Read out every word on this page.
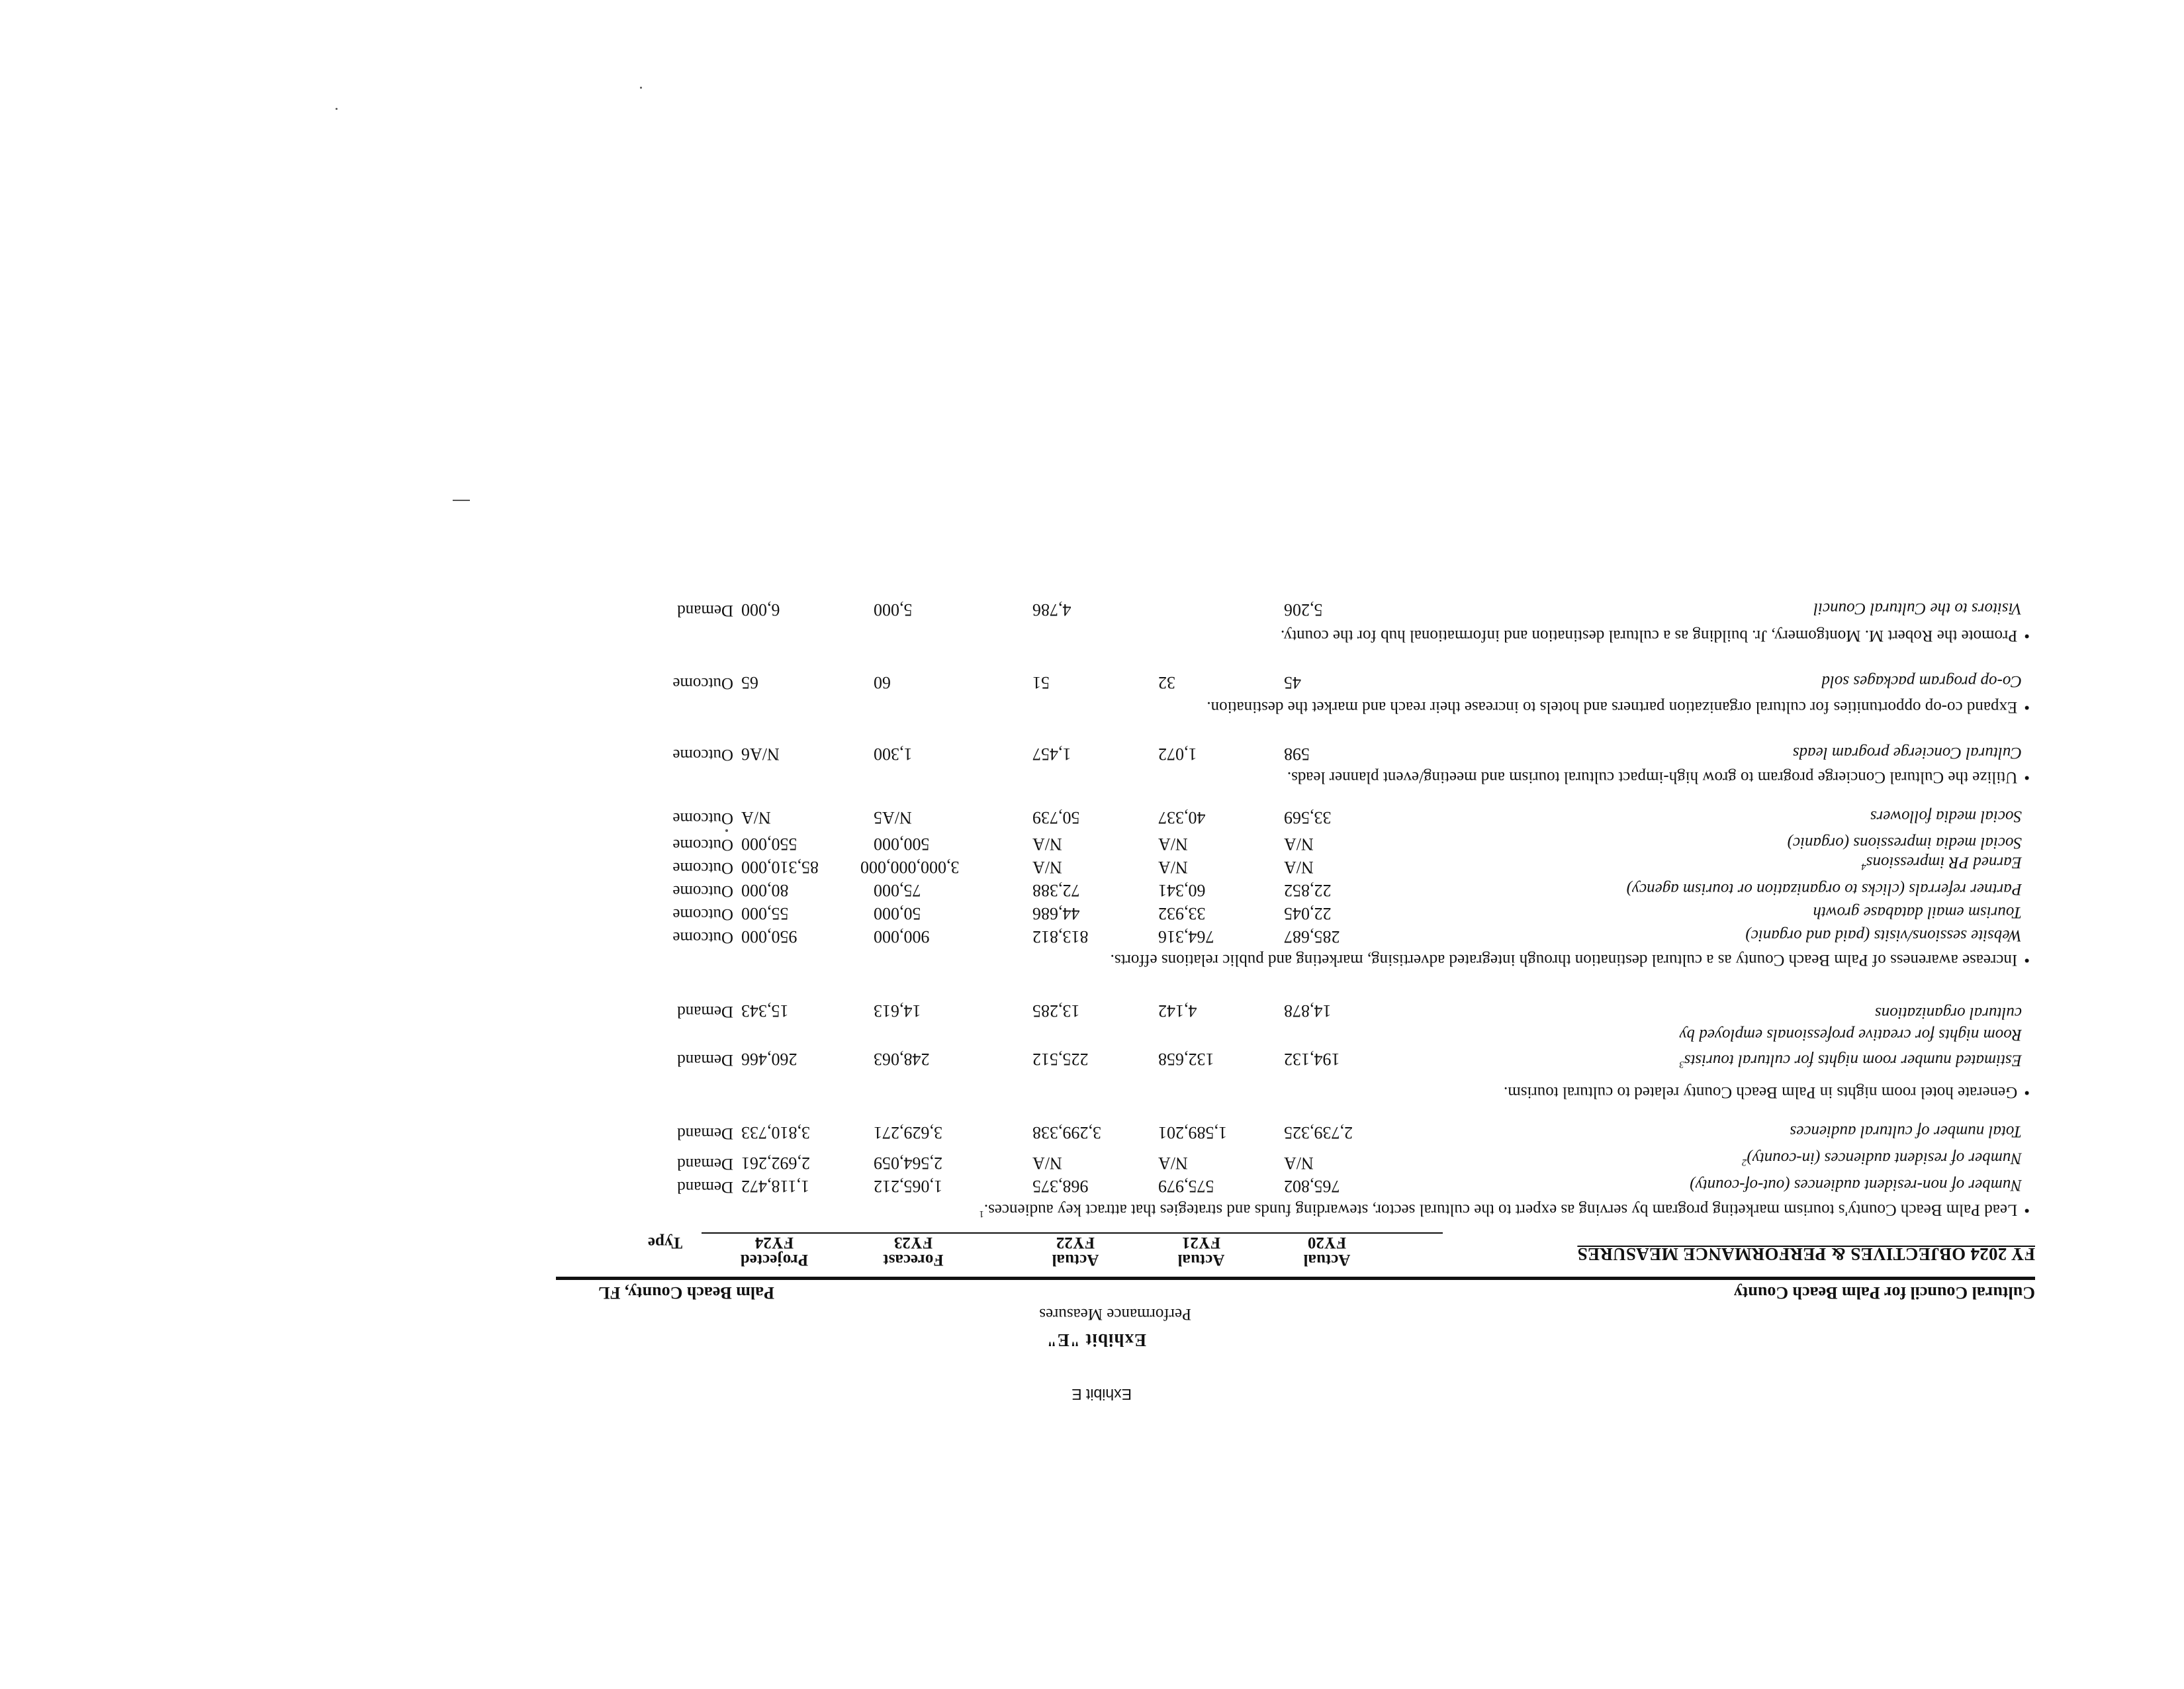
Exhibit E
Exhibit "E"
Performance Measures
Cultural Council for Palm Beach County
Palm Beach County, FL
FY 2024 OBJECTIVES & PERFORMANCE MEASURES
Actual
FY20
Actual
FY21
Actual
FY22
Forecast
FY23
Projected
FY24
Type
•Lead Palm Beach County's tourism marketing program by serving as expert to the cultural sector, stewarding funds and strategies that attract key audiences.$^1$
Number of non-resident audiences (out-of-county)
765,802
575,979
968,375
1,065,212
1,118,472
Demand
Number of resident audiences (in-county)$^2$
N/A
N/A
N/A
2,564,059
2,692,261
Demand
Total number of cultural audiences
2,739,325
1,589,201
3,299,338
3,629,271
3,810,733
Demand
•Generate hotel room nights in Palm Beach County related to cultural tourism.
Estimated number room nights for cultural tourists$^3$
194,132
132,658
225,512
248,063
260,466
Demand
Room nights for creative professionals employed by cultural organizations
14,878
4,142
13,285
14,613
15,343
Demand
•Increase awareness of Palm Beach County as a cultural destination through integrated advertising, marketing and public relations efforts.
Website sessions/visits (paid and organic)
285,687
764,316
813,812
900,000
950,000
Outcome
Tourism email database growth
22,045
33,932
44,686
50,000
55,000
Outcome
Partner referrals (clicks to organization or tourism agency)
22,852
60,341
72,388
75,000
80,000
Outcome
Earned PR impressions$^4$
N/A
N/A
N/A
3,000,000,000
85,310,000
Outcome
Social media impressions (organic)
N/A
N/A
N/A
500,000
550,000
Outcome
Social media followers
33,569
40,337
50,739
N/A5
N/A
Outcome
•Utilize the Cultural Concierge program to grow high-impact cultural tourism and meeting/event planner leads.
Cultural Concierge program leads
598
1,072
1,457
1,300
N/A6
Outcome
•Expand co-op opportunities for cultural organization partners and hotels to increase their reach and market the destination.
Co-op program packages sold
45
32
51
60
65
Outcome
•Promote the Robert M. Montgomery, Jr. building as a cultural destination and informational hub for the county.
Visitors to the Cultural Council
5,206
4,786
5,000
6,000
Demand
